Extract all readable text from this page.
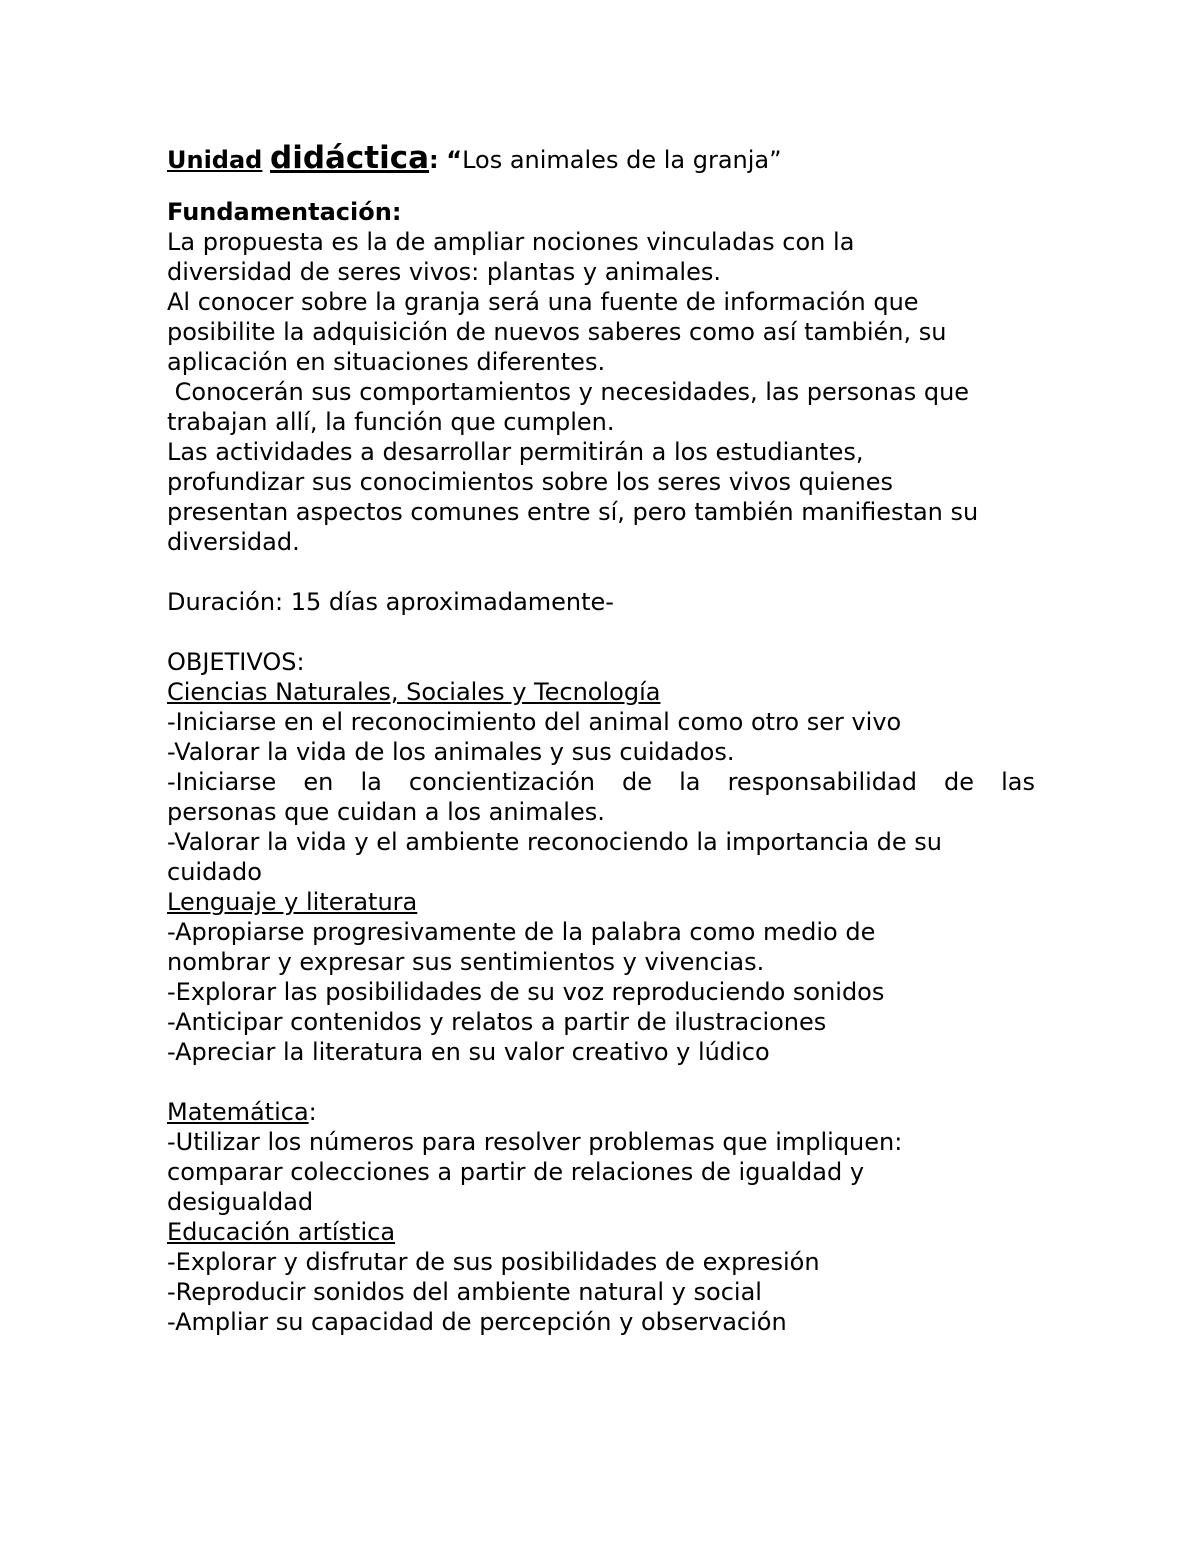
Unidad didáctica: “Los animales de la granja”
Fundamentación:
La propuesta es la de ampliar nociones vinculadas con la
diversidad de seres vivos: plantas y animales.
Al conocer sobre la granja será una fuente de información que
posibilite la adquisición de nuevos saberes como así también, su
aplicación en situaciones diferentes.
Conocerán sus comportamientos y necesidades, las personas que
trabajan allí, la función que cumplen.
Las actividades a desarrollar permitirán a los estudiantes,
profundizar sus conocimientos sobre los seres vivos quienes
presentan aspectos comunes entre sí, pero también manifiestan su
diversidad.
Duración: 15 días aproximadamente-
OBJETIVOS:
Ciencias Naturales, Sociales y Tecnología
-Iniciarse en el reconocimiento del animal como otro ser vivo
-Valorar la vida de los animales y sus cuidados.
-Iniciarse en la concientización de la responsabilidad de las
personas que cuidan a los animales.
-Valorar la vida y el ambiente reconociendo la importancia de su
cuidado
Lenguaje y literatura
-Apropiarse progresivamente de la palabra como medio de
nombrar y expresar sus sentimientos y vivencias.
-Explorar las posibilidades de su voz reproduciendo sonidos
-Anticipar contenidos y relatos a partir de ilustraciones
-Apreciar la literatura en su valor creativo y lúdico
Matemática:
-Utilizar los números para resolver problemas que impliquen:
comparar colecciones a partir de relaciones de igualdad y
desigualdad
Educación artística
-Explorar y disfrutar de sus posibilidades de expresión
-Reproducir sonidos del ambiente natural y social
-Ampliar su capacidad de percepción y observación
